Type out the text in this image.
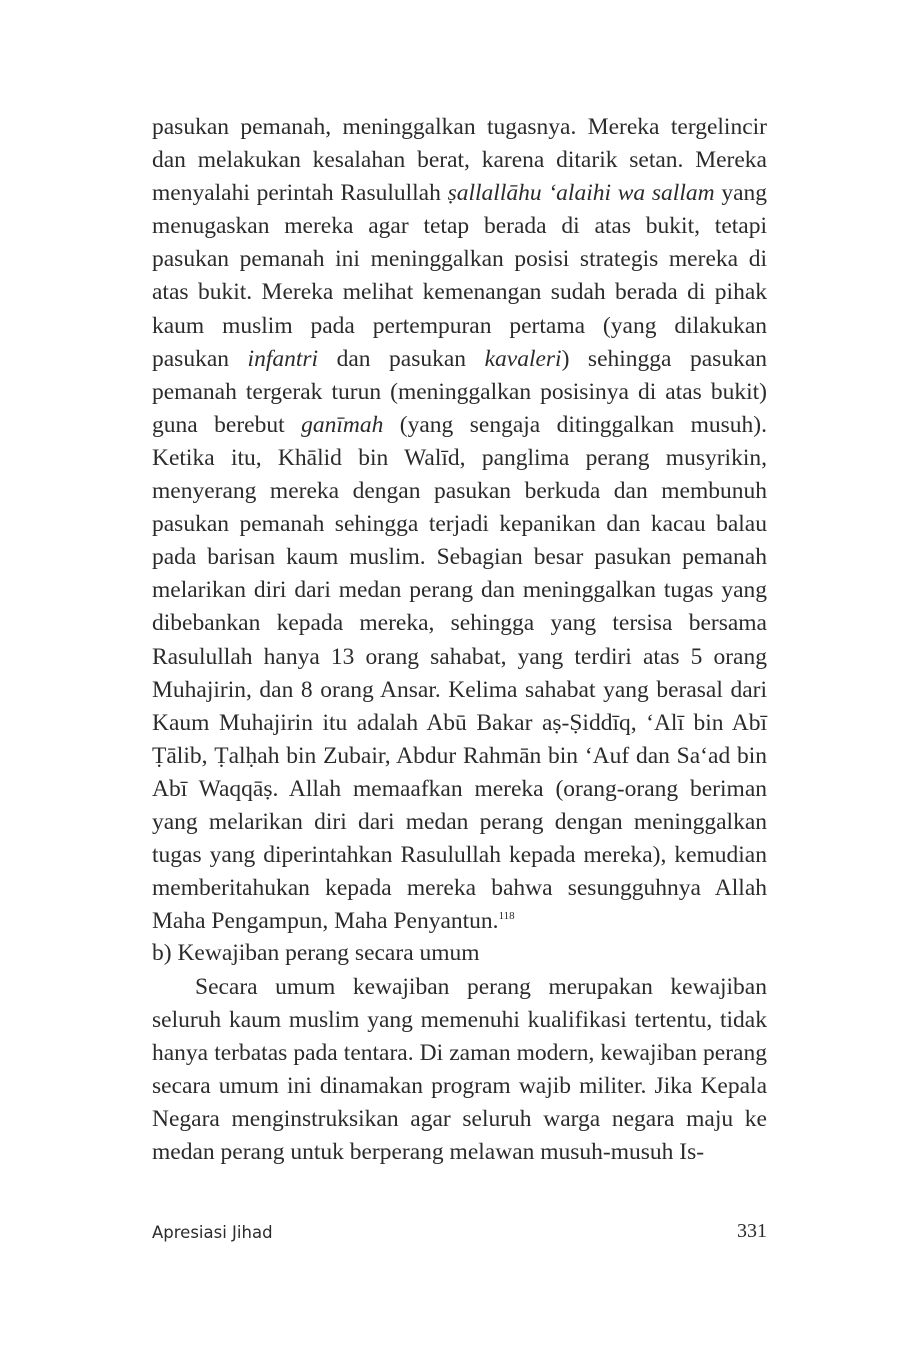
pasukan pemanah, meninggalkan tugasnya. Mereka tergelincir dan melakukan kesalahan berat, karena ditarik setan. Mereka menyalahi perintah Rasulullah ṣallallāhu ‘alaihi wa sallam yang menugaskan mereka agar tetap berada di atas bukit, tetapi pasukan pemanah ini meninggalkan posisi strategis mereka di atas bukit. Mereka melihat kemenangan sudah berada di pihak kaum muslim pada pertempuran pertama (yang dilakukan pasukan infantri dan pasukan kavaleri) sehingga pasukan pemanah tergerak turun (meninggalkan posisinya di atas bukit) guna berebut ganīmah (yang sengaja ditinggalkan musuh). Ketika itu, Khālid bin Walīd, panglima perang musyrikin, menyerang mereka dengan pasukan berkuda dan membunuh pasukan pemanah sehingga terjadi kepanikan dan kacau balau pada barisan kaum muslim. Sebagian besar pasukan pemanah melarikan diri dari medan perang dan meninggalkan tugas yang dibebankan kepada mereka, sehingga yang tersisa bersama Rasulullah hanya 13 orang sahabat, yang terdiri atas 5 orang Muhajirin, dan 8 orang Ansar. Kelima sahabat yang berasal dari Kaum Muhajirin itu adalah Abū Bakar aṣ-Ṣiddīq, ‘Alī bin Abī Ṭālib, Ṭalḥah bin Zubair, Abdur Rahmān bin ‘Auf dan Sa‘ad bin Abī Waqqāṣ. Allah memaafkan mereka (orang-orang beriman yang melarikan diri dari medan perang dengan meninggalkan tugas yang diperintahkan Rasulullah kepada mereka), kemudian memberitahukan kepada mereka bahwa sesungguhnya Allah Maha Pengampun, Maha Penyantun.$^{118}$

b) Kewajiban perang secara umum

Secara umum kewajiban perang merupakan kewajiban seluruh kaum muslim yang memenuhi kualifikasi tertentu, tidak hanya terbatas pada tentara. Di zaman modern, kewajiban perang secara umum ini dinamakan program wajib militer. Jika Kepala Negara menginstruksikan agar seluruh warga negara maju ke medan perang untuk berperang melawan musuh-musuh Is-

Apresiasi Jihad	331
